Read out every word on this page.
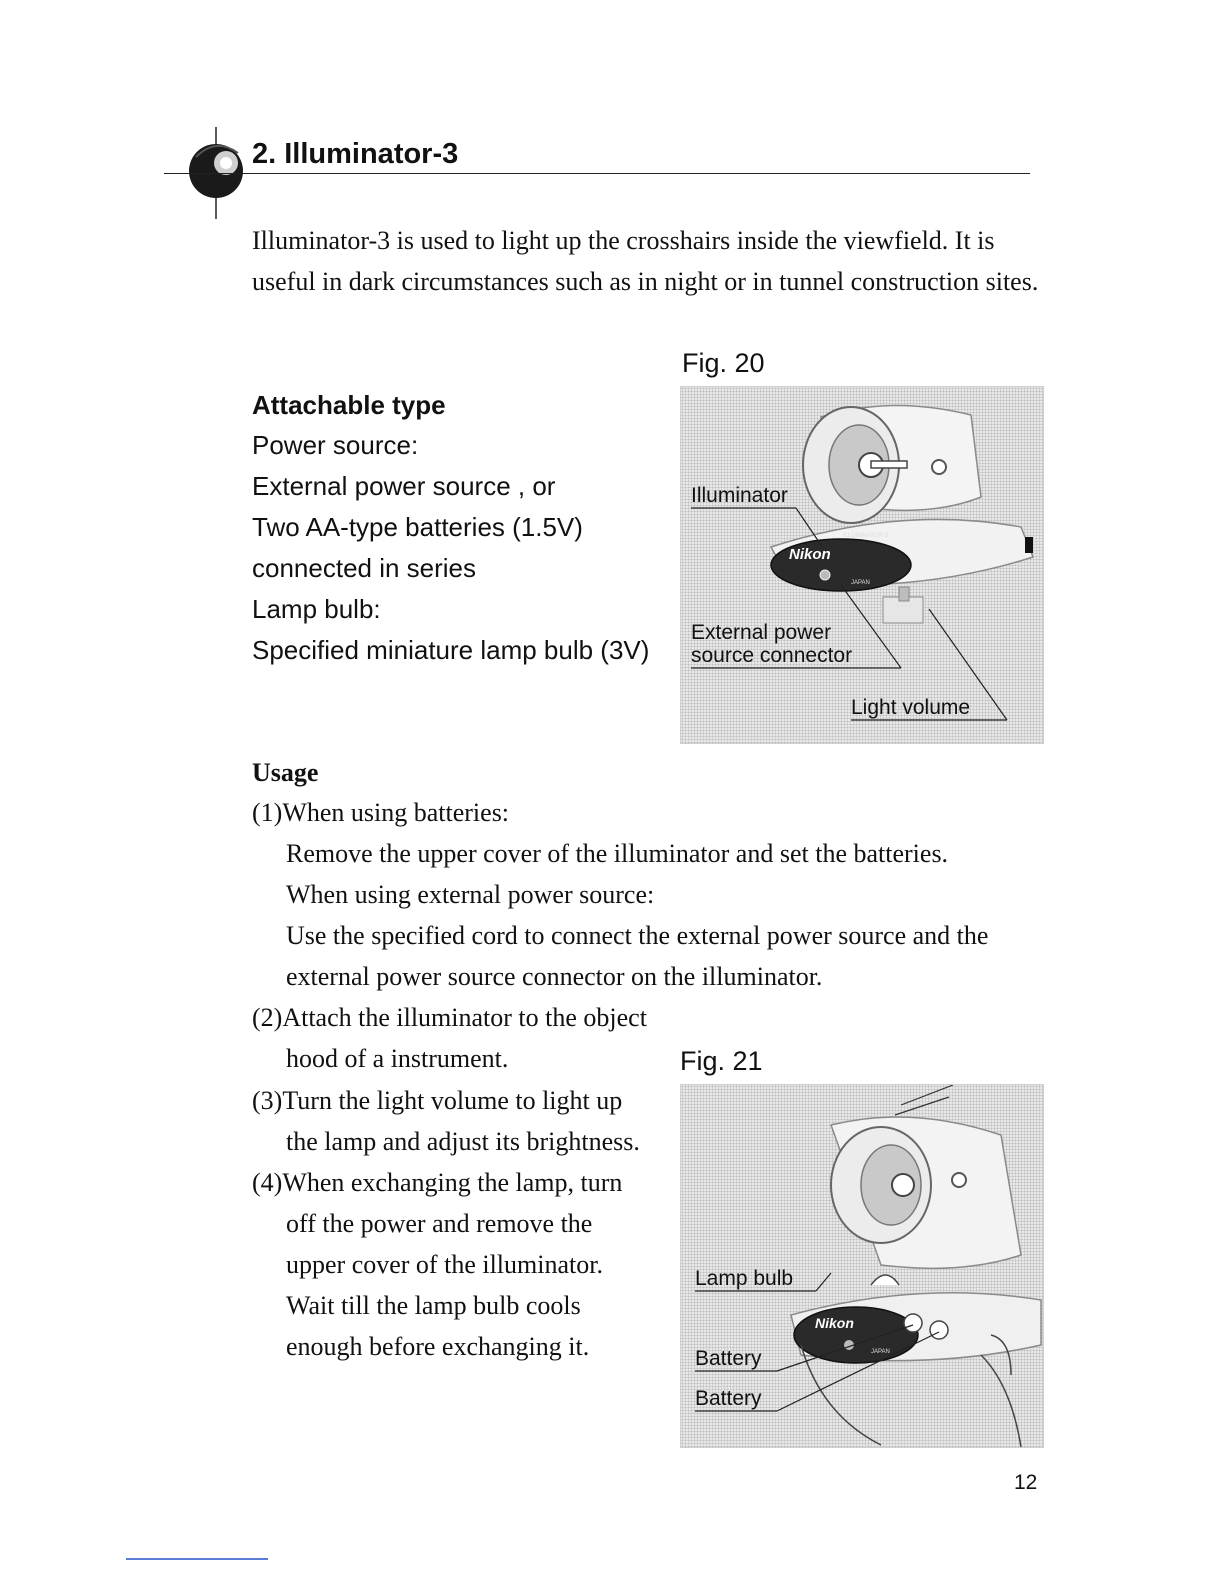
2. Illuminator-3
Illuminator-3 is used to light up the crosshairs inside the viewfield. It is useful in dark circumstances such as in night or in tunnel construction sites.
Fig. 20
Attachable type
Power source:
External power source , or
Two AA-type batteries (1.5V)
connected in series
Lamp bulb:
Specified miniature lamp bulb (3V)
Nikon
ILLUMINATOR-3
JAPAN
Illuminator
External power
source connector
Light volume
Usage
(1)When using batteries:
Remove the upper cover of the illuminator and set the batteries.
When using external power source:
Use the specified cord to connect the external power source and the
external power source connector on the illuminator.
(2)Attach the illuminator to the object
hood of a instrument.
(3)Turn the light volume to light up
the lamp and adjust its brightness.
(4)When exchanging the lamp, turn
off the power and remove the
upper cover of the illuminator.
Wait till the lamp bulb cools
enough before exchanging it.
Fig. 21
Nikon
JAPAN
Lamp bulb
Battery
Battery
12
